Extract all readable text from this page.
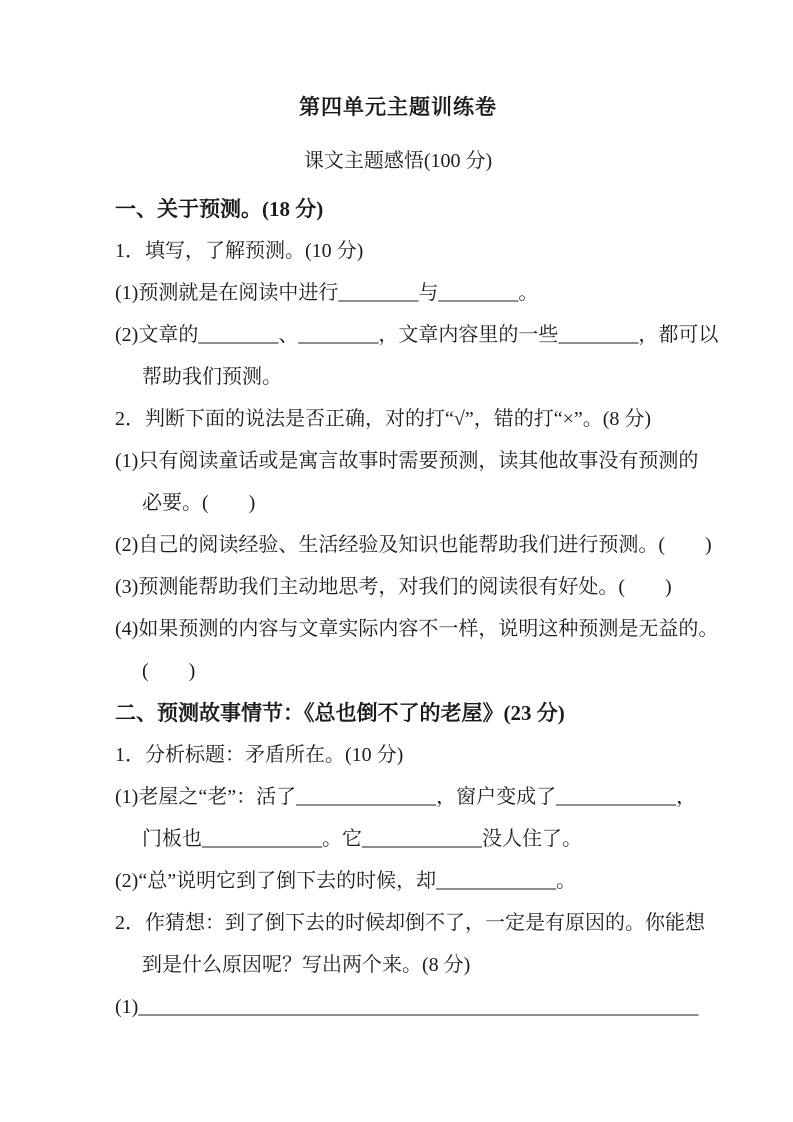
第四单元主题训练卷
课文主题感悟(100 分)
一、关于预测。(18 分)
1．填写，了解预测。(10 分)
(1)预测就是在阅读中进行________与________。
(2)文章的________、________，文章内容里的一些________，都可以
帮助我们预测。
2．判断下面的说法是否正确，对的打“√”，错的打“×”。(8 分)
(1)只有阅读童话或是寓言故事时需要预测，读其他故事没有预测的
必要。(　　)
(2)自己的阅读经验、生活经验及知识也能帮助我们进行预测。(　　)
(3)预测能帮助我们主动地思考，对我们的阅读很有好处。(　　)
(4)如果预测的内容与文章实际内容不一样，说明这种预测是无益的。
(　　)
二、预测故事情节：《总也倒不了的老屋》(23 分)
1．分析标题：矛盾所在。(10 分)
(1)老屋之“老”：活了______________，窗户变成了____________，
门板也____________。它____________没人住了。
(2)“总”说明它到了倒下去的时候，却____________。
2．作猜想：到了倒下去的时候却倒不了，一定是有原因的。你能想
到是什么原因呢？写出两个来。(8 分)
(1)________________________________________________________
